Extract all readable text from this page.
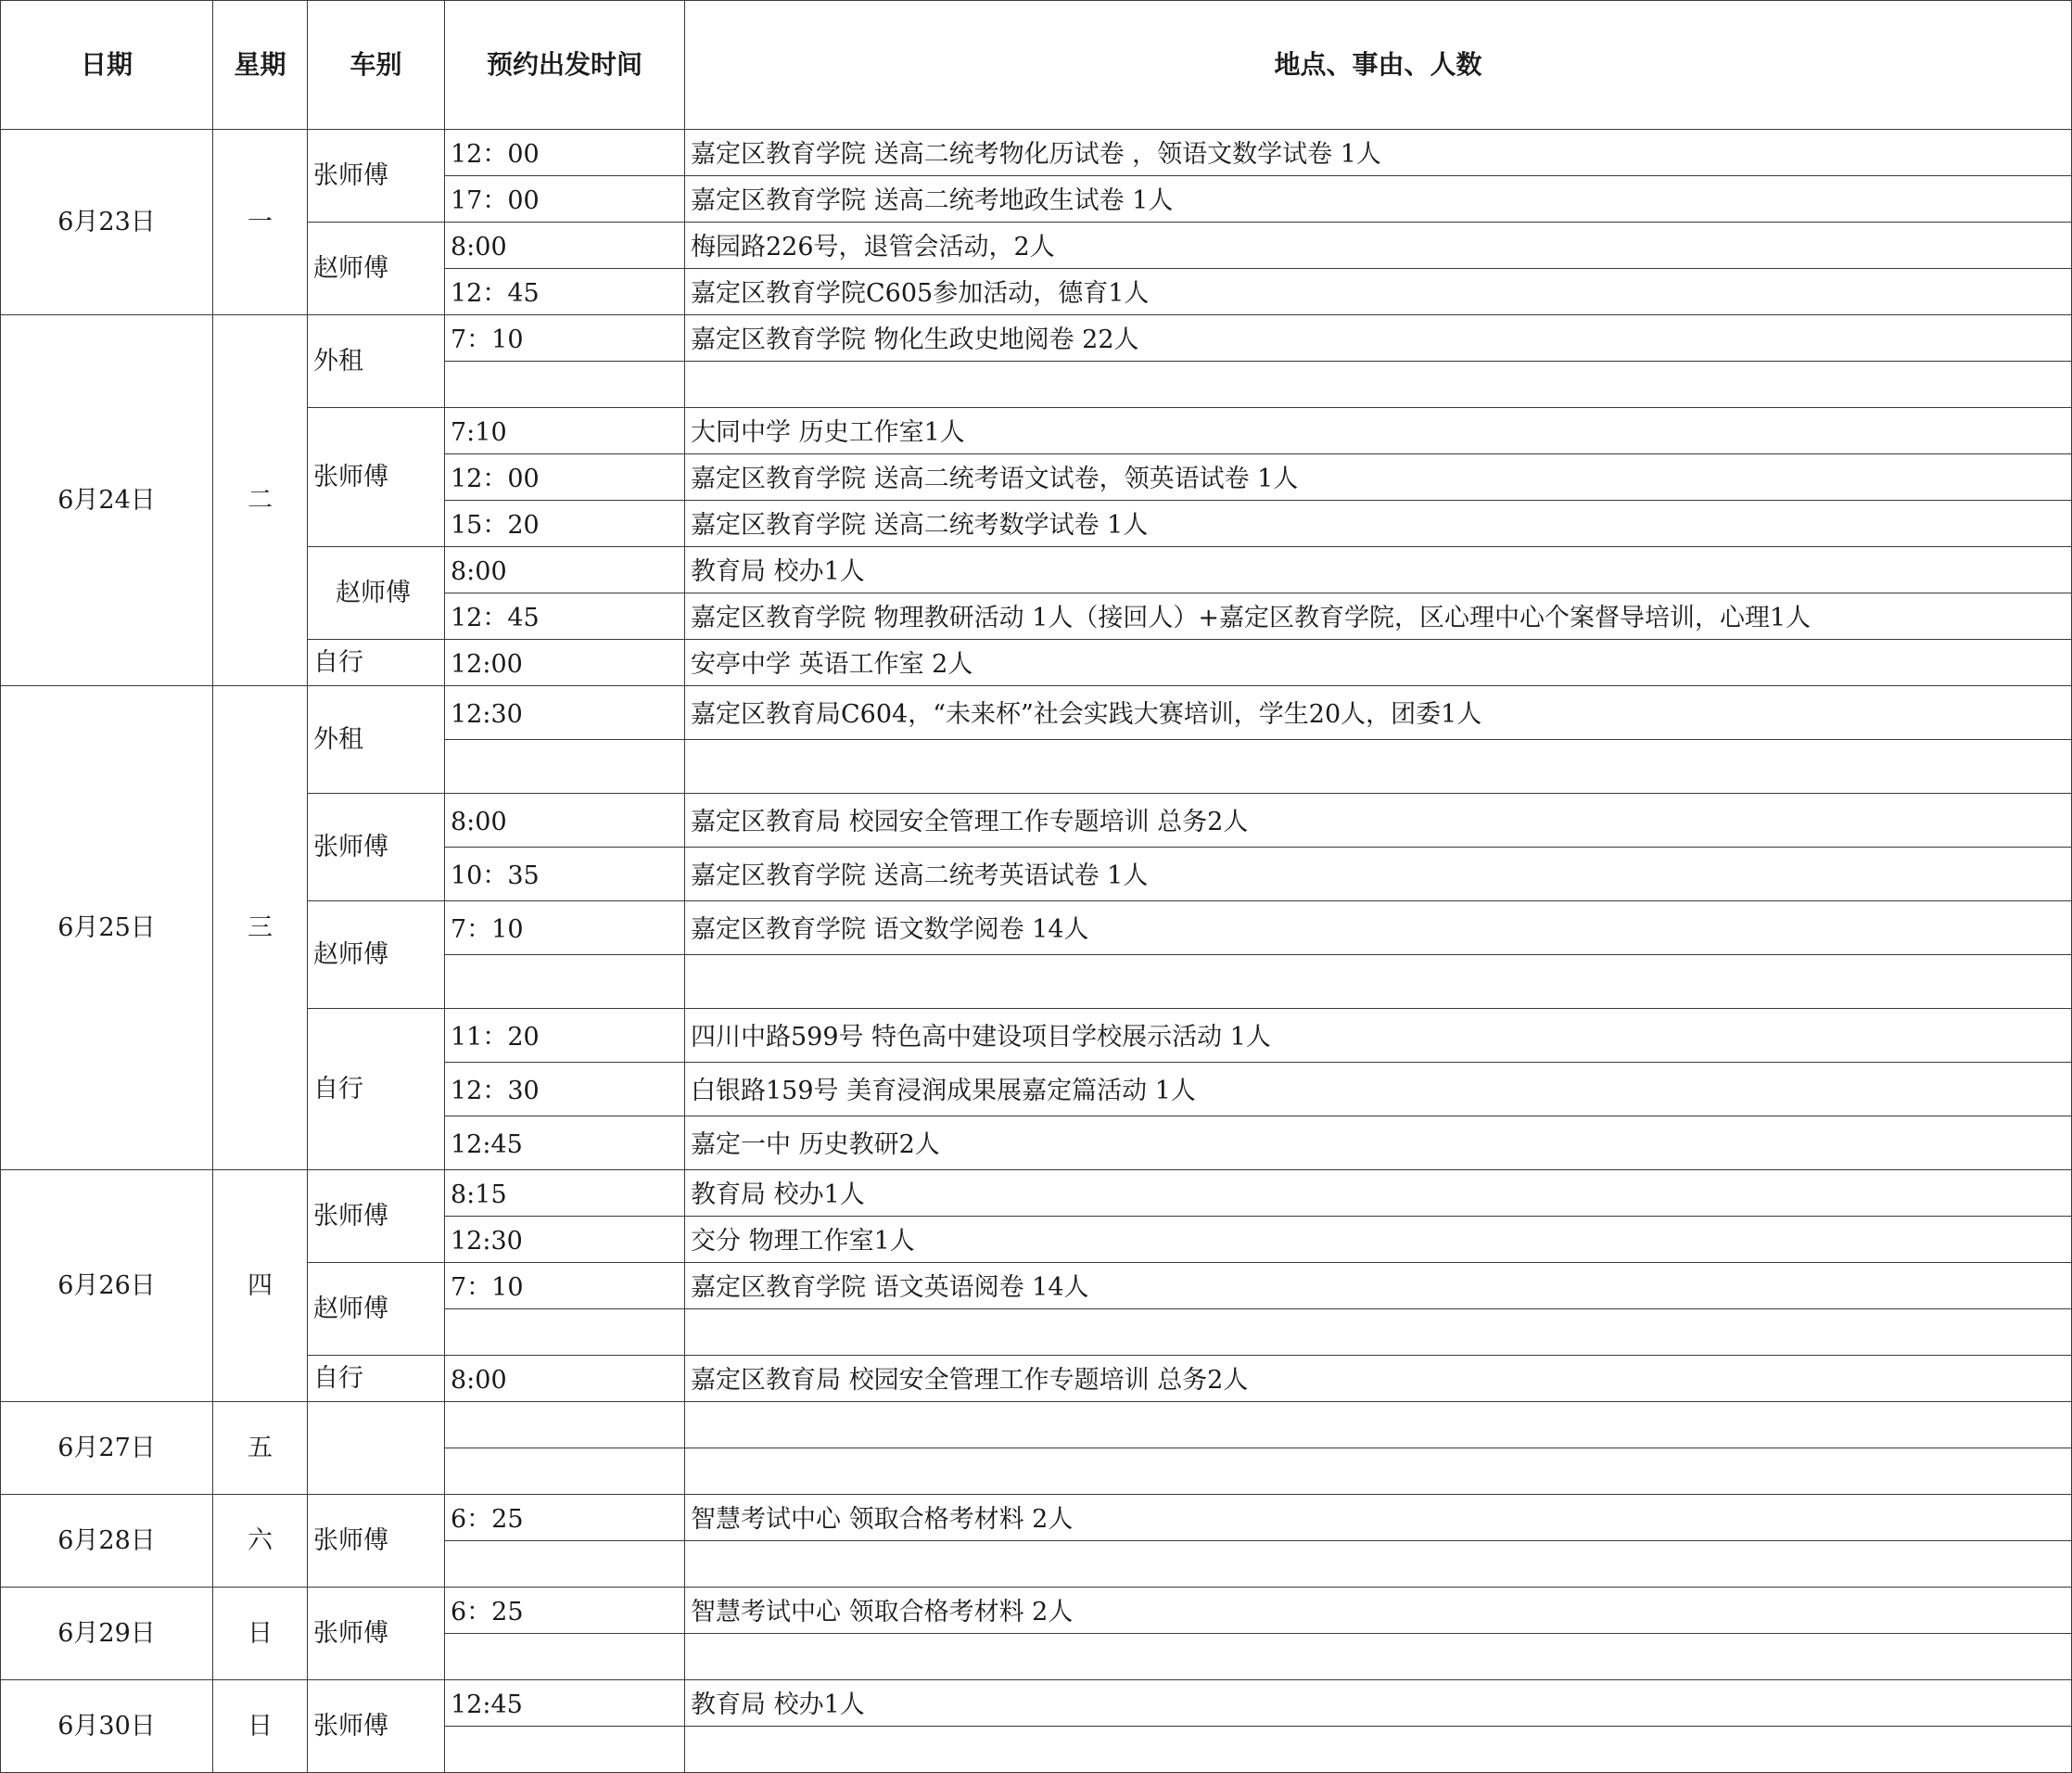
日期	星期	车别	预约出发时间	地点、事由、人数
6月23日	一	张师傅	12：00	嘉定区教育学院 送高二统考物化历试卷 ，领语文数学试卷 1人
			17：00	嘉定区教育学院 送高二统考地政生试卷 1人
		赵师傅	8:00	梅园路226号，退管会活动，2人
			12：45	嘉定区教育学院C605参加活动，德育1人
6月24日	二	外租	7：10	嘉定区教育学院 物化生政史地阅卷 22人

		张师傅	7:10	大同中学 历史工作室1人
			12：00	嘉定区教育学院 送高二统考语文试卷，领英语试卷 1人
			15：20	嘉定区教育学院 送高二统考数学试卷 1人
		赵师傅	8:00	教育局 校办1人
			12：45	嘉定区教育学院 物理教研活动 1人（接回人）+嘉定区教育学院，区心理中心个案督导培训，心理1人
		自行	12:00	安亭中学 英语工作室 2人
6月25日	三	外租	12:30	嘉定区教育局C604，“未来杯”社会实践大赛培训，学生20人，团委1人

		张师傅	8:00	嘉定区教育局 校园安全管理工作专题培训 总务2人
			10：35	嘉定区教育学院 送高二统考英语试卷 1人
		赵师傅	7：10	嘉定区教育学院 语文数学阅卷 14人

		自行	11：20	四川中路599号 特色高中建设项目学校展示活动 1人
			12：30	白银路159号 美育浸润成果展嘉定篇活动 1人
			12:45	嘉定一中 历史教研2人
6月26日	四	张师傅	8:15	教育局 校办1人
			12:30	交分 物理工作室1人
		赵师傅	7：10	嘉定区教育学院 语文英语阅卷 14人

		自行	8:00	嘉定区教育局 校园安全管理工作专题培训 总务2人
6月27日	五			

6月28日	六	张师傅	6：25	智慧考试中心 领取合格考材料 2人

6月29日	日	张师傅	6：25	智慧考试中心 领取合格考材料 2人

6月30日	日	张师傅	12:45	教育局 校办1人
